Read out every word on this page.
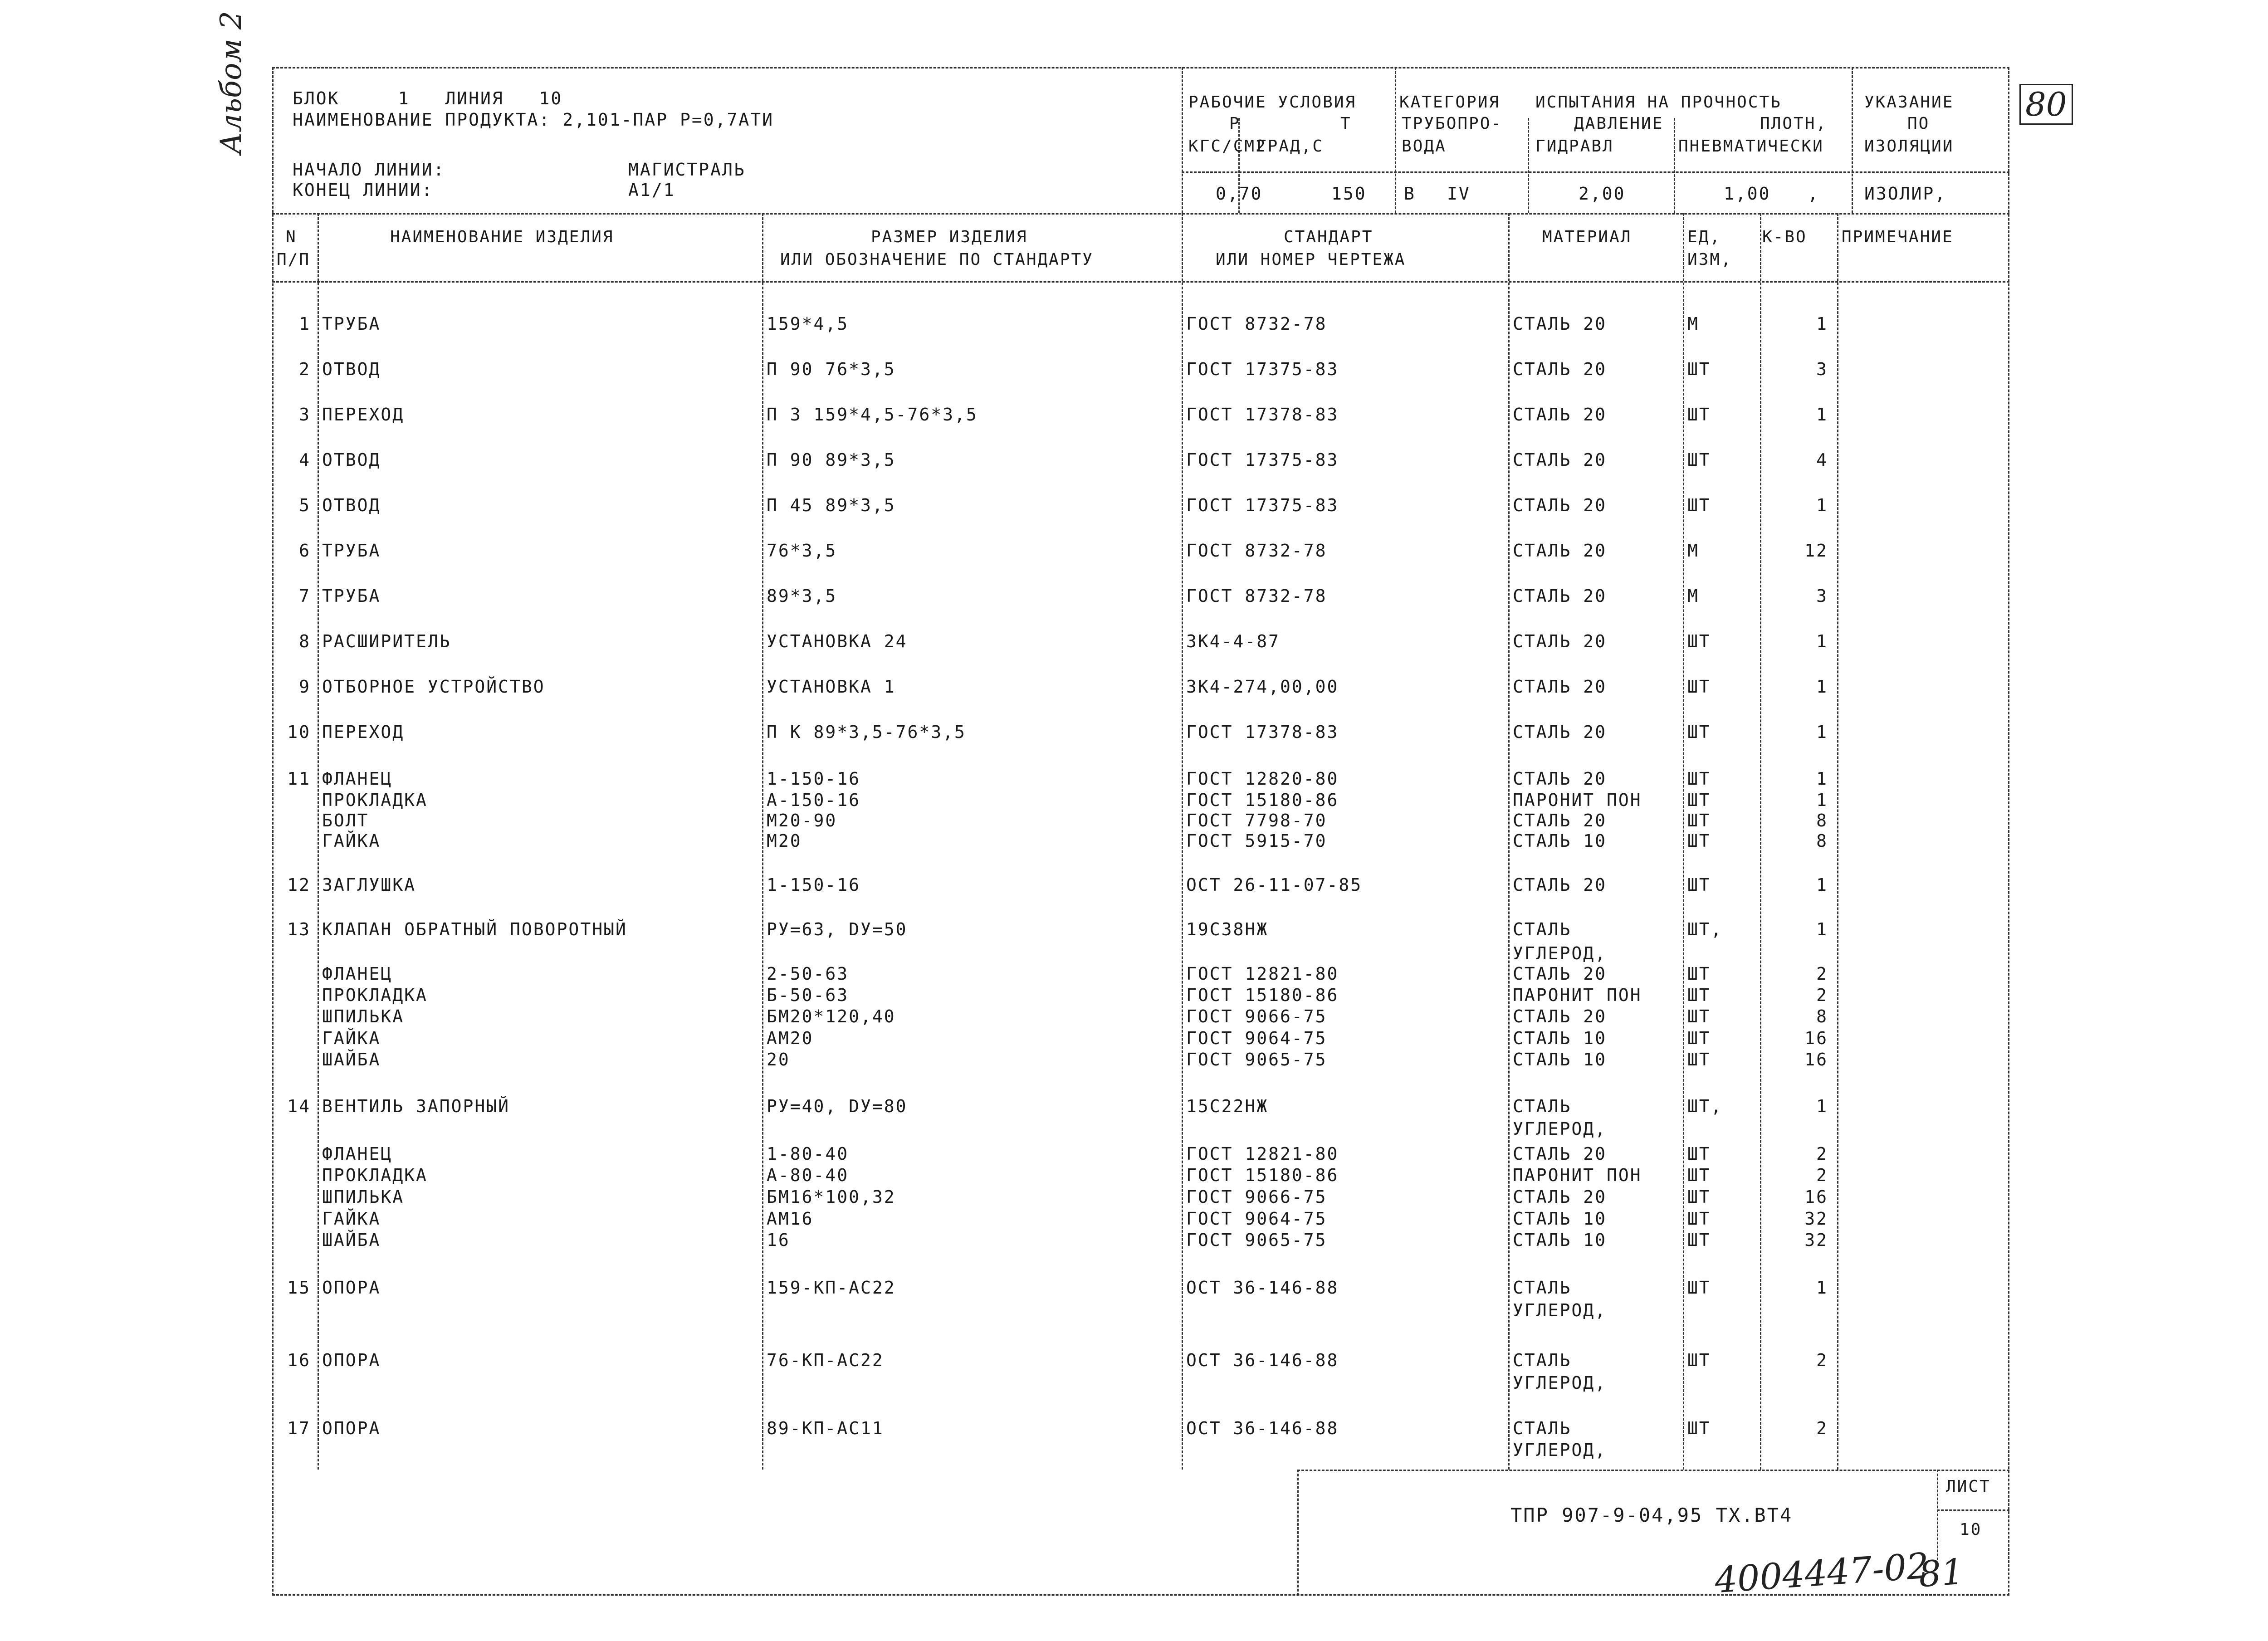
Альбом 2	80
БЛОК     1   ЛИНИЯ   10
НАИМЕНОВАНИЕ ПРОДУКТА: 2,101-ПАР Р=0,7АТИ
НАЧАЛО ЛИНИИ:	МАГИСТРАЛЬ
КОНЕЦ ЛИНИИ:	А1/1
РАБОЧИЕ УСЛОВИЯ
Р	Т
КГС/СМ2
ГРАД,С
КАТЕГОРИЯ
ТРУБОПРО-
ВОДА
ИСПЫТАНИЯ НА ПРОЧНОСТЬ
ДАВЛЕНИЕ	ПЛОТН,
ГИДРАВЛ	ПНЕВМАТИЧЕСКИ
УКАЗАНИЕ
ПО
ИЗОЛЯЦИИ
0,70	150 В IV	2,00	1,00 ,	ИЗОЛИР,
N
П/П
НАИМЕНОВАНИЕ ИЗДЕЛИЯ	РАЗМЕР ИЗДЕЛИЯ
ИЛИ ОБОЗНАЧЕНИЕ ПО СТАНДАРТУ
СТАНДАРТ
ИЛИ НОМЕР ЧЕРТЕЖА
МАТЕРИАЛ	ЕД,
ИЗМ,
К-ВО ПРИМЕЧАНИЕ
1 ТРУБА	159*4,5	ГОСТ 8732-78	СТАЛЬ 20	М	1
2 ОТВОД	П 90 76*3,5	ГОСТ 17375-83	СТАЛЬ 20	ШТ	3
3 ПЕРЕХОД	П 3 159*4,5-76*3,5	ГОСТ 17378-83	СТАЛЬ 20	ШТ	1
4 ОТВОД	П 90 89*3,5	ГОСТ 17375-83	СТАЛЬ 20	ШТ	4
5 ОТВОД	П 45 89*3,5	ГОСТ 17375-83	СТАЛЬ 20	ШТ	1
6 ТРУБА	76*3,5	ГОСТ 8732-78	СТАЛЬ 20	М	12
7 ТРУБА	89*3,5	ГОСТ 8732-78	СТАЛЬ 20	М	3
8 РАСШИРИТЕЛЬ	УСТАНОВКА 24	3К4-4-87	СТАЛЬ 20	ШТ	1
9 ОТБОРНОЕ УСТРОЙСТВО	УСТАНОВКА 1	3К4-274,00,00	СТАЛЬ 20	ШТ	1
10 ПЕРЕХОД	П К 89*3,5-76*3,5	ГОСТ 17378-83	СТАЛЬ 20	ШТ	1
11 ФЛАНЕЦ	1-150-16	ГОСТ 12820-80	СТАЛЬ 20	ШТ	1
ПРОКЛАДКА	А-150-16	ГОСТ 15180-86	ПАРОНИТ ПОН	ШТ	1
БОЛТ	М20-90	ГОСТ 7798-70	СТАЛЬ 20	ШТ	8
ГАЙКА	М20	ГОСТ 5915-70	СТАЛЬ 10	ШТ	8
12 ЗАГЛУШКА	1-150-16	ОСТ 26-11-07-85	СТАЛЬ 20	ШТ	1
13 КЛАПАН ОБРАТНЫЙ ПОВОРОТНЫЙ	РУ=63, DУ=50	19С38НЖ	СТАЛЬ	ШТ,	1
УГЛЕРОД,
ФЛАНЕЦ	2-50-63	ГОСТ 12821-80	СТАЛЬ 20	ШТ	2
ПРОКЛАДКА	Б-50-63	ГОСТ 15180-86	ПАРОНИТ ПОН	ШТ	2
ШПИЛЬКА	БМ20*120,40	ГОСТ 9066-75	СТАЛЬ 20	ШТ	8
ГАЙКА	АМ20	ГОСТ 9064-75	СТАЛЬ 10	ШТ	16
ШАЙБА	20	ГОСТ 9065-75	СТАЛЬ 10	ШТ	16
14 ВЕНТИЛЬ ЗАПОРНЫЙ	РУ=40, DУ=80	15С22НЖ	СТАЛЬ	ШТ,	1
УГЛЕРОД,
ФЛАНЕЦ	1-80-40	ГОСТ 12821-80	СТАЛЬ 20	ШТ	2
ПРОКЛАДКА	А-80-40	ГОСТ 15180-86	ПАРОНИТ ПОН	ШТ	2
ШПИЛЬКА	БМ16*100,32	ГОСТ 9066-75	СТАЛЬ 20	ШТ	16
ГАЙКА	АМ16	ГОСТ 9064-75	СТАЛЬ 10	ШТ	32
ШАЙБА	16	ГОСТ 9065-75	СТАЛЬ 10	ШТ	32
15 ОПОРА	159-КП-АС22	ОСТ 36-146-88	СТАЛЬ	ШТ	1
УГЛЕРОД,
16 ОПОРА	76-КП-АС22	ОСТ 36-146-88	СТАЛЬ	ШТ	2
УГЛЕРОД,
17 ОПОРА	89-КП-АС11	ОСТ 36-146-88	СТАЛЬ	ШТ	2
УГЛЕРОД,
ТПР 907-9-04,95 ТХ.ВТ4
ЛИСТ
10
4004447-02
81
